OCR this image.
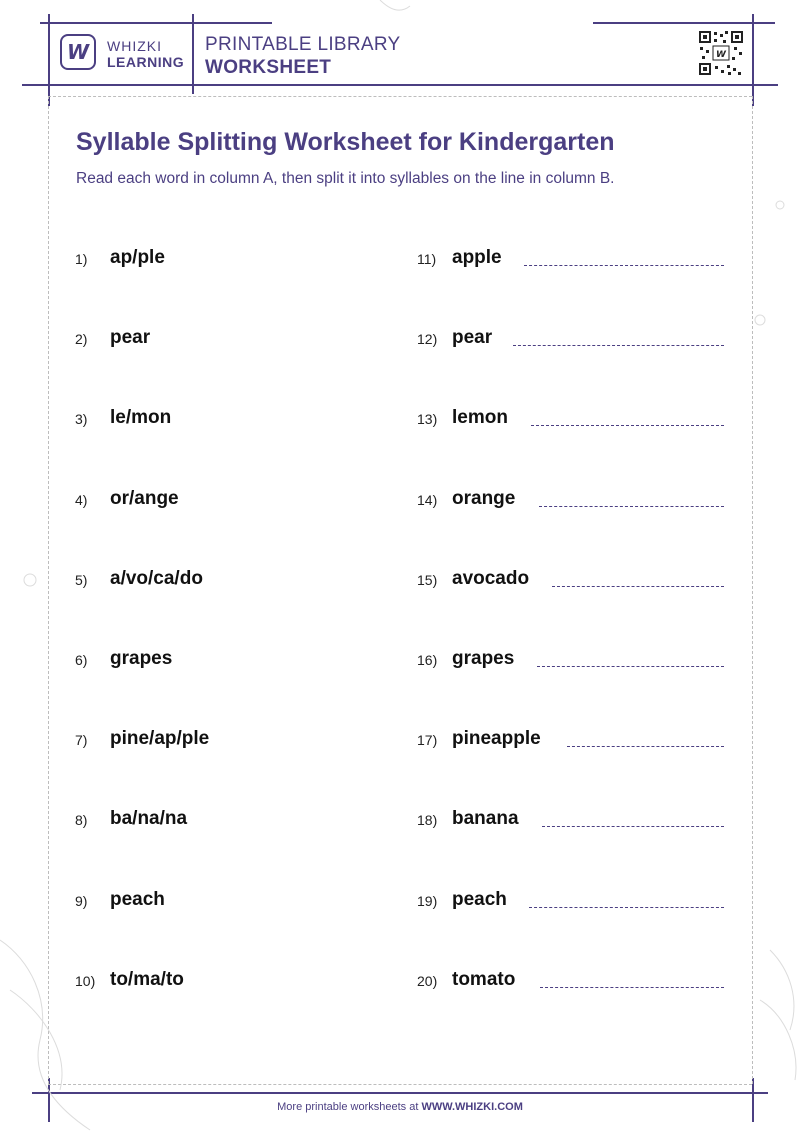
W WHIZKI
LEARNING
PRINTABLE LIBRARY
WORKSHEET
W
Syllable Splitting Worksheet for Kindergarten
Read each word in column A, then split it into syllables on the line in column B.
1) ap/ple	11) apple
2) pear	12) pear
3) le/mon	13) lemon
4) or/ange	14) orange
5) a/vo/ca/do	15) avocado
6) grapes	16) grapes
7) pine/ap/ple	17) pineapple
8) ba/na/na	18) banana
9) peach	19) peach
10) to/ma/to	20) tomato
More printable worksheets at WWW.WHIZKI.COM
